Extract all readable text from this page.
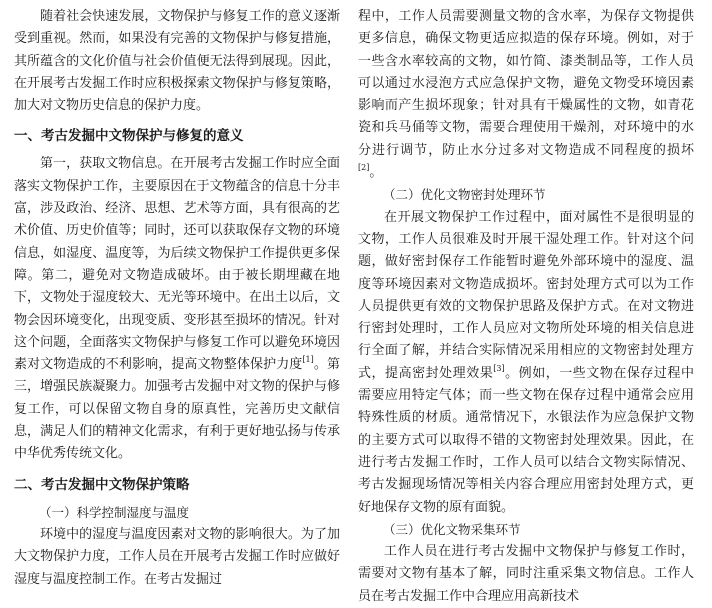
随着社会快速发展，文物保护与修复工作的意义逐渐受到重视。然而，如果没有完善的文物保护与修复措施，其所蕴含的文化价值与社会价值便无法得到展现。因此，在开展考古发掘工作时应积极探索文物保护与修复策略，加大对文物历史信息的保护力度。

一、考古发掘中文物保护与修复的意义

第一，获取文物信息。在开展考古发掘工作时应全面落实文物保护工作，主要原因在于文物蕴含的信息十分丰富，涉及政治、经济、思想、艺术等方面，具有很高的艺术价值、历史价值等；同时，还可以获取保存文物的环境信息，如湿度、温度等，为后续文物保护工作提供更多保障。第二，避免对文物造成破坏。由于被长期埋藏在地下，文物处于湿度较大、无光等环境中。在出土以后，文物会因环境变化，出现变质、变形甚至损坏的情况。针对这个问题，全面落实文物保护与修复工作可以避免环境因素对文物造成的不利影响，提高文物整体保护力度[1]。第三，增强民族凝聚力。加强考古发掘中对文物的保护与修复工作，可以保留文物自身的原真性，完善历史文献信息，满足人们的精神文化需求，有利于更好地弘扬与传承中华优秀传统文化。

二、考古发掘中文物保护策略
（一）科学控制湿度与温度

环境中的湿度与温度因素对文物的影响很大。为了加大文物保护力度，工作人员在开展考古发掘工作时应做好湿度与温度控制工作。在考古发掘过

程中，工作人员需要测量文物的含水率，为保存文物提供更多信息，确保文物更适应拟造的保存环境。例如，对于一些含水率较高的文物，如竹简、漆类制品等，工作人员可以通过水浸泡方式应急保护文物，避免文物受环境因素影响而产生损坏现象；针对具有干燥属性的文物，如青花瓷和兵马俑等文物，需要合理使用干燥剂，对环境中的水分进行调节，防止水分过多对文物造成不同程度的损坏[2]。

（二）优化文物密封处理环节

在开展文物保护工作过程中，面对属性不是很明显的文物，工作人员很难及时开展干湿处理工作。针对这个问题，做好密封保存工作能暂时避免外部环境中的湿度、温度等环境因素对文物造成损坏。密封处理方式可以为工作人员提供更有效的文物保护思路及保护方式。在对文物进行密封处理时，工作人员应对文物所处环境的相关信息进行全面了解，并结合实际情况采用相应的文物密封处理方式，提高密封处理效果[3]。例如，一些文物在保存过程中需要应用特定气体；而一些文物在保存过程中通常会应用特殊性质的材质。通常情况下，水银法作为应急保护文物的主要方式可以取得不错的文物密封处理效果。因此，在进行考古发掘工作时，工作人员可以结合文物实际情况、考古发掘现场情况等相关内容合理应用密封处理方式，更好地保存文物的原有面貌。

（三）优化文物采集环节

工作人员在进行考古发掘中文物保护与修复工作时，需要对文物有基本了解，同时注重采集文物信息。工作人员在考古发掘工作中合理应用高新技术
